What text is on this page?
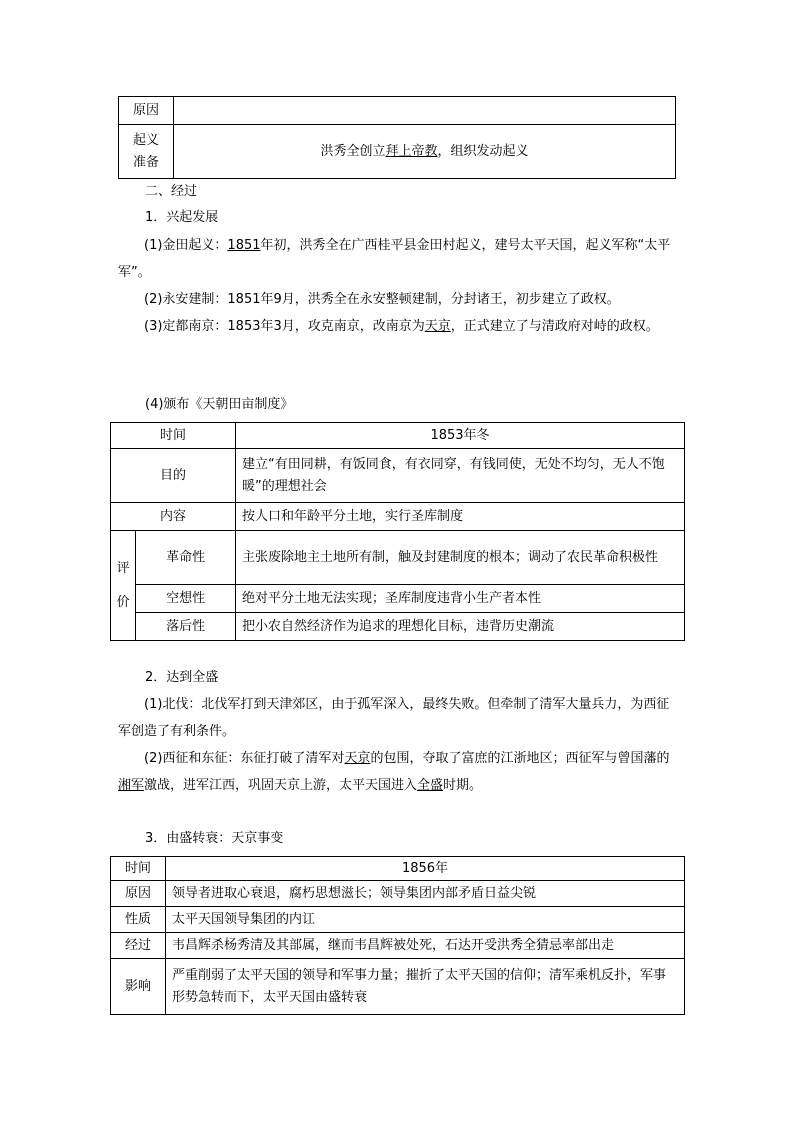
原因	

起义
准备	洪秀全创立拜上帝教，组织发动起义
二、经过
1．兴起发展
(1)金田起义：1851年初，洪秀全在广西桂平县金田村起义，建号太平天国，起义军称“太平军”。
(2)永安建制：1851年9月，洪秀全在永安整顿建制，分封诸王，初步建立了政权。
(3)定都南京：1853年3月，攻克南京，改南京为天京，正式建立了与清政府对峙的政权。
(4)颁布《天朝田亩制度》
时间		1853年冬
目的		建立“有田同耕，有饭同食，有衣同穿，有钱同使，无处不均匀，无人不饱暖”的理想社会
内容		按人口和年龄平分土地，实行圣库制度

评
价	革命性	主张废除地主土地所有制，触及封建制度的根本；调动了农民革命积极性
	空想性	绝对平分土地无法实现；圣库制度违背小生产者本性
	落后性	把小农自然经济作为追求的理想化目标，违背历史潮流
2．达到全盛
(1)北伐：北伐军打到天津郊区，由于孤军深入，最终失败。但牵制了清军大量兵力，为西征军创造了有利条件。
(2)西征和东征：东征打破了清军对天京的包围，夺取了富庶的江浙地区；西征军与曾国藩的湘军激战，进军江西，巩固天京上游，太平天国进入全盛时期。
3．由盛转衰：天京事变
时间	1856年
原因	领导者进取心衰退，腐朽思想滋长；领导集团内部矛盾日益尖锐
性质	太平天国领导集团的内讧
经过	韦昌辉杀杨秀清及其部属，继而韦昌辉被处死，石达开受洪秀全猜忌率部出走
影响	严重削弱了太平天国的领导和军事力量；摧折了太平天国的信仰；清军乘机反扑，军事形势急转而下，太平天国由盛转衰
